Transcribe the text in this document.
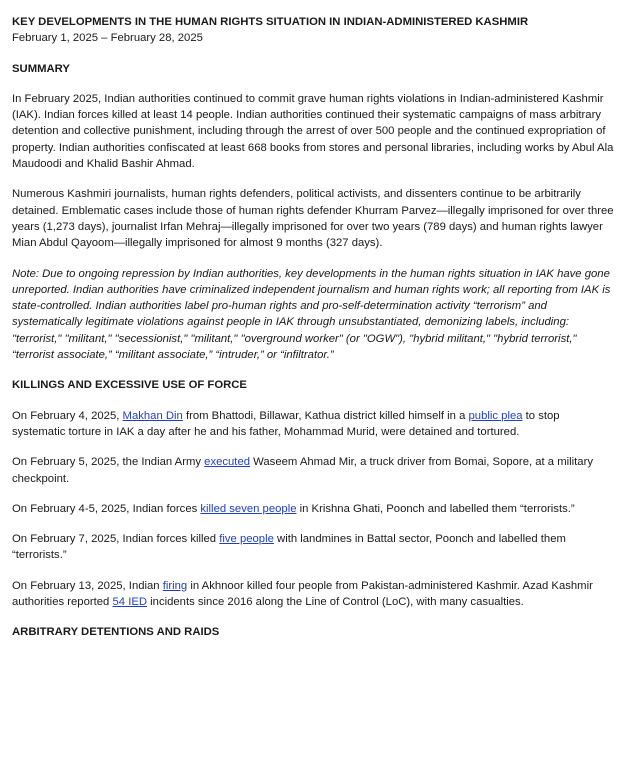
KEY DEVELOPMENTS IN THE HUMAN RIGHTS SITUATION IN INDIAN-ADMINISTERED KASHMIR
February 1, 2025 – February 28, 2025
SUMMARY

In February 2025, Indian authorities continued to commit grave human rights violations in Indian-administered Kashmir (IAK). Indian forces killed at least 14 people. Indian authorities continued their systematic campaigns of mass arbitrary detention and collective punishment, including through the arrest of over 500 people and the continued expropriation of property. Indian authorities confiscated at least 668 books from stores and personal libraries, including works by Abul Ala Maudoodi and Khalid Bashir Ahmad.

Numerous Kashmiri journalists, human rights defenders, political activists, and dissenters continue to be arbitrarily detained. Emblematic cases include those of human rights defender Khurram Parvez—illegally imprisoned for over three years (1,273 days), journalist Irfan Mehraj—illegally imprisoned for over two years (789 days) and human rights lawyer Mian Abdul Qayoom—illegally imprisoned for almost 9 months (327 days).

Note: Due to ongoing repression by Indian authorities, key developments in the human rights situation in IAK have gone unreported. Indian authorities have criminalized independent journalism and human rights work; all reporting from IAK is state-controlled. Indian authorities label pro-human rights and pro-self-determination activity “terrorism” and systematically legitimate violations against people in IAK through unsubstantiated, demonizing labels, including: "terrorist," "militant," "secessionist," "militant," "overground worker" (or "OGW"), "hybrid militant," "hybrid terrorist," “terrorist associate,” “militant associate,” “intruder,” or “infiltrator.”

KILLINGS AND EXCESSIVE USE OF FORCE

On February 4, 2025, Makhan Din from Bhattodi, Billawar, Kathua district killed himself in a public plea to stop systematic torture in IAK a day after he and his father, Mohammad Murid, were detained and tortured.

On February 5, 2025, the Indian Army executed Waseem Ahmad Mir, a truck driver from Bomai, Sopore, at a military checkpoint.

On February 4-5, 2025, Indian forces killed seven people in Krishna Ghati, Poonch and labelled them “terrorists.”

On February 7, 2025, Indian forces killed five people with landmines in Battal sector, Poonch and labelled them “terrorists.”

On February 13, 2025, Indian firing in Akhnoor killed four people from Pakistan-administered Kashmir. Azad Kashmir authorities reported 54 IED incidents since 2016 along the Line of Control (LoC), with many casualties.

ARBITRARY DETENTIONS AND RAIDS
